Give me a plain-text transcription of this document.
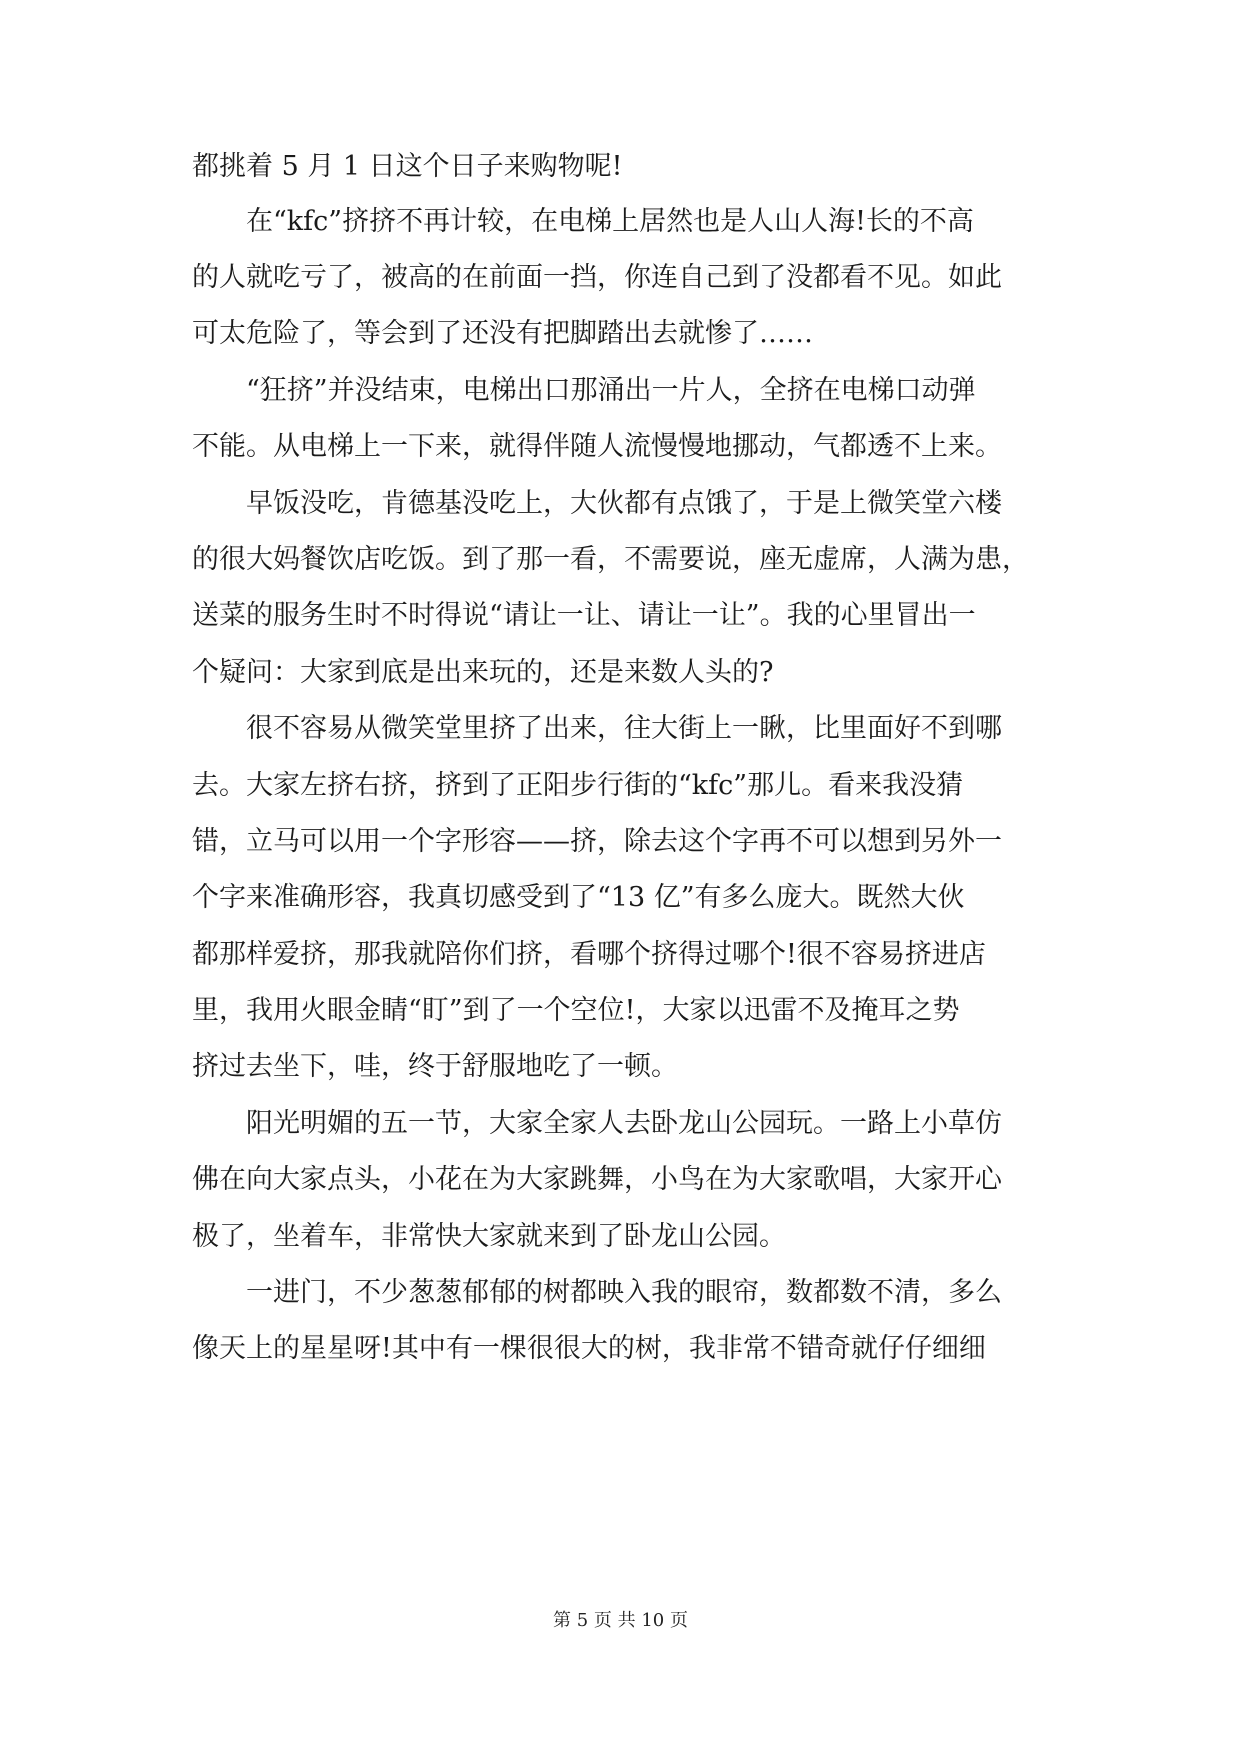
都挑着 5 月 1 日这个日子来购物呢!
在“kfc”挤挤不再计较，在电梯上居然也是人山人海!长的不高
的人就吃亏了，被高的在前面一挡，你连自己到了没都看不见。如此
可太危险了，等会到了还没有把脚踏出去就惨了……
“狂挤”并没结束，电梯出口那涌出一片人，全挤在电梯口动弹
不能。从电梯上一下来，就得伴随人流慢慢地挪动，气都透不上来。
早饭没吃，肯德基没吃上，大伙都有点饿了，于是上微笑堂六楼
的很大妈餐饮店吃饭。到了那一看，不需要说，座无虚席，人满为患，
送菜的服务生时不时得说“请让一让、请让一让”。我的心里冒出一
个疑问：大家到底是出来玩的，还是来数人头的?
很不容易从微笑堂里挤了出来，往大街上一瞅，比里面好不到哪
去。大家左挤右挤，挤到了正阳步行街的“kfc”那儿。看来我没猜
错，立马可以用一个字形容——挤，除去这个字再不可以想到另外一
个字来准确形容，我真切感受到了“13 亿”有多么庞大。既然大伙
都那样爱挤，那我就陪你们挤，看哪个挤得过哪个!很不容易挤进店
里，我用火眼金睛“盯”到了一个空位!，大家以迅雷不及掩耳之势
挤过去坐下，哇，终于舒服地吃了一顿。
阳光明媚的五一节，大家全家人去卧龙山公园玩。一路上小草仿
佛在向大家点头，小花在为大家跳舞，小鸟在为大家歌唱，大家开心
极了，坐着车，非常快大家就来到了卧龙山公园。
一进门，不少葱葱郁郁的树都映入我的眼帘，数都数不清，多么
像天上的星星呀!其中有一棵很很大的树，我非常不错奇就仔仔细细
第 5 页 共 10 页
